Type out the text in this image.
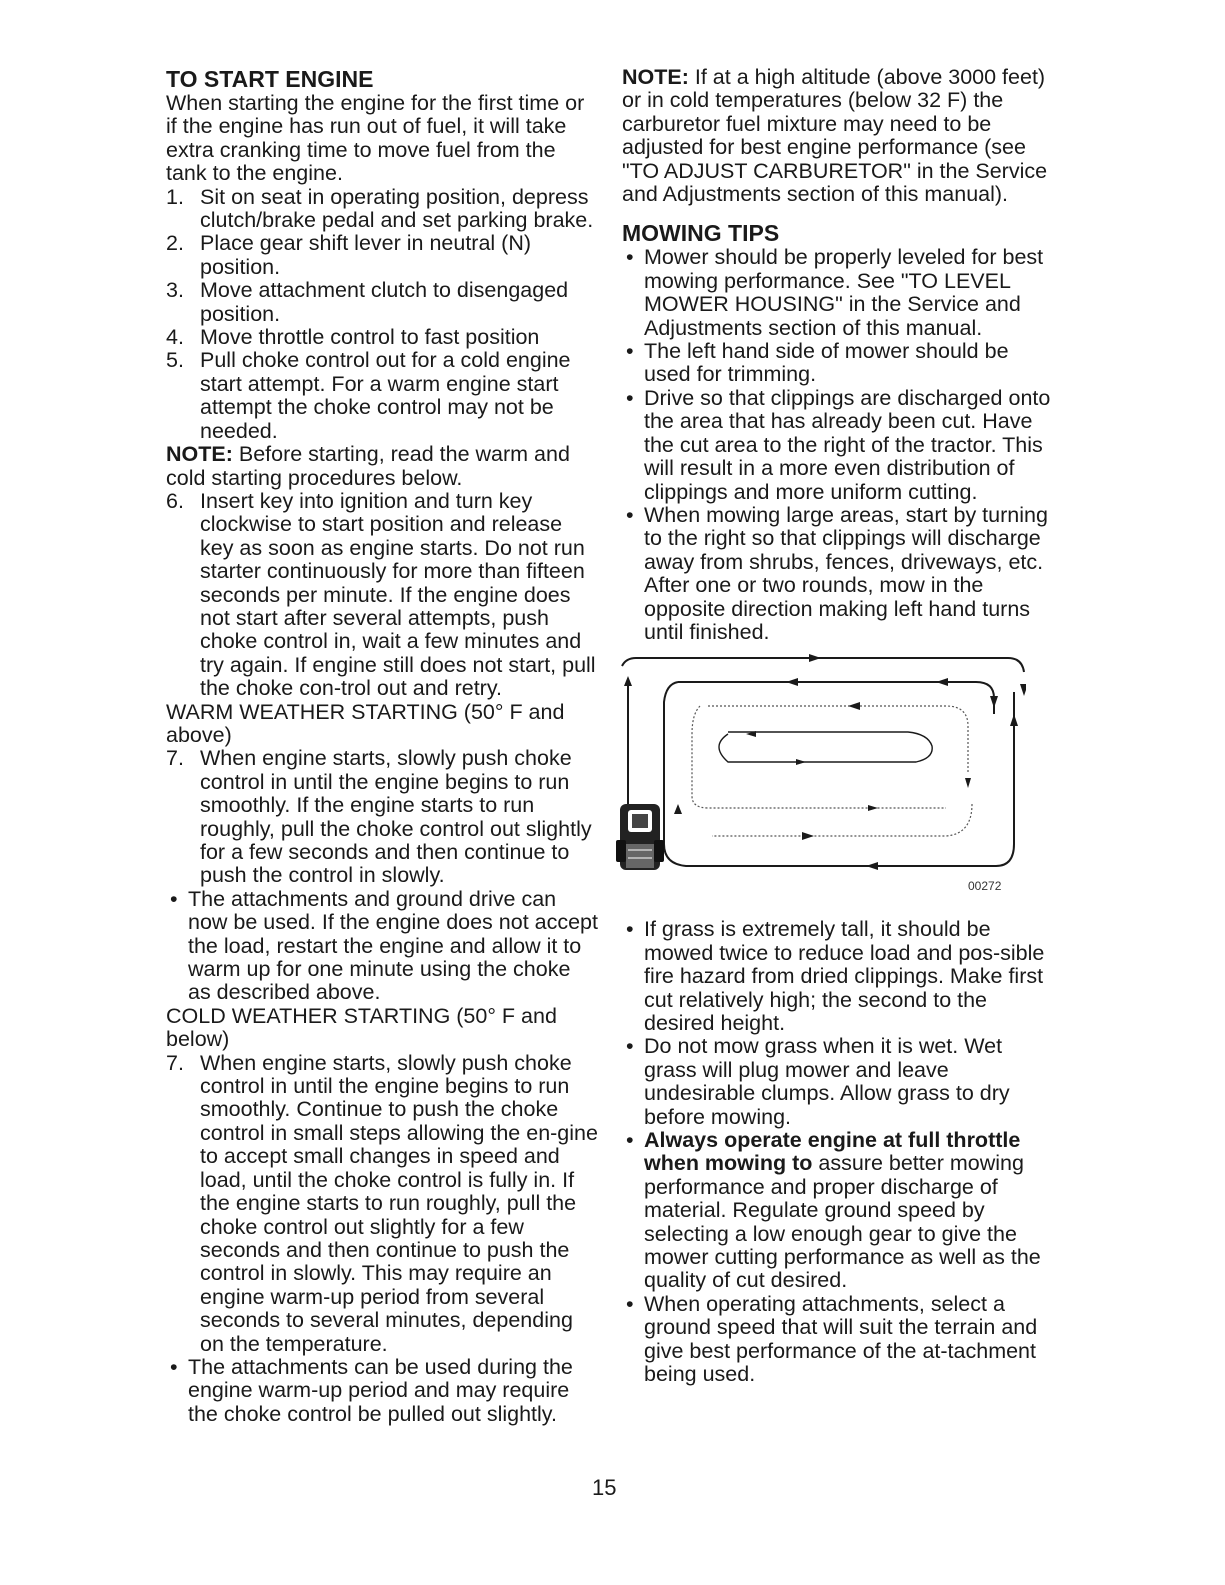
TO START ENGINE

When starting the engine for the first time or if the engine has run out of fuel, it will take extra cranking time to move fuel from the tank to the engine.

1. Sit on seat in operating position, depress clutch/brake pedal and set parking brake.
2. Place gear shift lever in neutral (N) position.
3. Move attachment clutch to disengaged position.
4. Move throttle control to fast position
5. Pull choke control out for a cold engine start attempt. For a warm engine start attempt the choke control may not be needed.

NOTE: Before starting, read the warm and cold starting procedures below.

6. Insert key into ignition and turn key clockwise to start position and release key as soon as engine starts. Do not run starter continuously for more than fifteen seconds per minute. If the engine does not start after several attempts, push choke control in, wait a few minutes and try again. If engine still does not start, pull the choke con-trol out and retry.

WARM WEATHER STARTING (50° F and above)

7. When engine starts, slowly push choke control in until the engine begins to run smoothly. If the engine starts to run roughly, pull the choke control out slightly for a few seconds and then continue to push the control in slowly.
• The attachments and ground drive can now be used. If the engine does not accept the load, restart the engine and allow it to warm up for one minute using the choke as described above.

COLD WEATHER STARTING (50° F and below)

7. When engine starts, slowly push choke control in until the engine begins to run smoothly. Continue to push the choke control in small steps allowing the en-gine to accept small changes in speed and load, until the choke control is fully in. If the engine starts to run roughly, pull the choke control out slightly for a few seconds and then continue to push the control in slowly. This may require an engine warm-up period from several seconds to several minutes, depending on the temperature.
• The attachments can be used during the engine warm-up period and may require the choke control be pulled out slightly.

NOTE: If at a high altitude (above 3000 feet) or in cold temperatures (below 32 F) the carburetor fuel mixture may need to be adjusted for best engine performance (see "TO ADJUST CARBURETOR" in the Service and Adjustments section of this manual).

MOWING TIPS
• Mower should be properly leveled for best mowing performance. See "TO LEVEL MOWER HOUSING" in the Service and Adjustments section of this manual.
• The left hand side of mower should be used for trimming.
• Drive so that clippings are discharged onto the area that has already been cut. Have the cut area to the right of the tractor. This will result in a more even distribution of clippings and more uniform cutting.
• When mowing large areas, start by turning to the right so that clippings will discharge away from shrubs, fences, driveways, etc. After one or two rounds, mow in the opposite direction making left hand turns until finished.
00272
• If grass is extremely tall, it should be mowed twice to reduce load and pos-sible fire hazard from dried clippings. Make first cut relatively high; the second to the desired height.
• Do not mow grass when it is wet. Wet grass will plug mower and leave undesirable clumps. Allow grass to dry before mowing.
• Always operate engine at full throttle when mowing to assure better mowing performance and proper discharge of material. Regulate ground speed by selecting a low enough gear to give the mower cutting performance as well as the quality of cut desired.
• When operating attachments, select a ground speed that will suit the terrain and give best performance of the at-tachment being used.
15
